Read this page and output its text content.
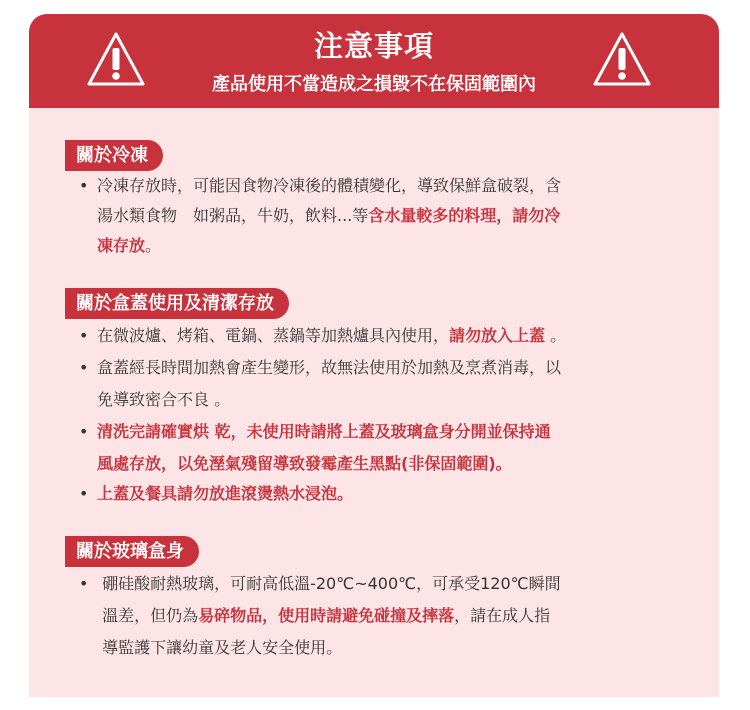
注意事項
產品使用不當造成之損毀不在保固範圍內
關於冷凍
• 冷凍存放時，可能因食物冷凍後的體積變化，導致保鮮盒破裂，含
湯水類食物　如粥品，牛奶，飲料...等含水量較多的料理，請勿冷
凍存放。
關於盒蓋使用及清潔存放
• 在微波爐、烤箱、電鍋、蒸鍋等加熱爐具內使用，請勿放入上蓋 。
• 盒蓋經長時間加熱會產生變形，故無法使用於加熱及烹煮消毒，以
免導致密合不良 。
• 清洗完請確實烘 乾，未使用時請將上蓋及玻璃盒身分開並保持通
風處存放，以免溼氣殘留導致發霉產生黑點(非保固範圍)。
• 上蓋及餐具請勿放進滾燙熱水浸泡。
關於玻璃盒身
• 硼硅酸耐熱玻璃，可耐高低溫-20℃~400℃，可承受120℃瞬間
溫差，但仍為易碎物品，使用時請避免碰撞及摔落，請在成人指
導監護下讓幼童及老人安全使用。
